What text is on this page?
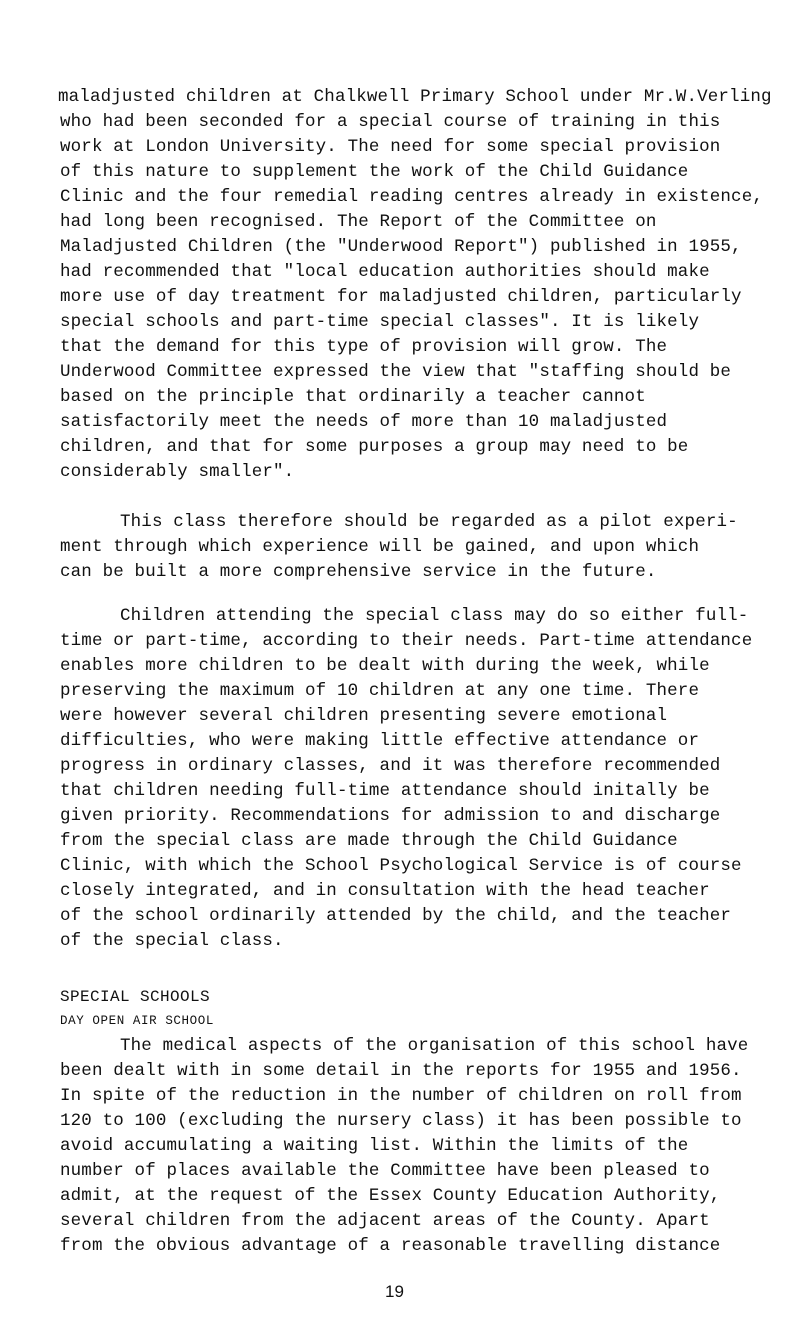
maladjusted children at Chalkwell Primary School under Mr.W.Verling
who had been seconded for a special course of training in this
work at London University. The need for some special provision
of this nature to supplement the work of the Child Guidance
Clinic and the four remedial reading centres already in existence,
had long been recognised. The Report of the Committee on
Maladjusted Children (the "Underwood Report") published in 1955,
had recommended that "local education authorities should make
more use of day treatment for maladjusted children, particularly
special schools and part-time special classes". It is likely
that the demand for this type of provision will grow. The
Underwood Committee expressed the view that "staffing should be
based on the principle that ordinarily a teacher cannot
satisfactorily meet the needs of more than 10 maladjusted
children, and that for some purposes a group may need to be
considerably smaller".
This class therefore should be regarded as a pilot experi-
ment through which experience will be gained, and upon which
can be built a more comprehensive service in the future.
Children attending the special class may do so either full-
time or part-time, according to their needs. Part-time attendance
enables more children to be dealt with during the week, while
preserving the maximum of 10 children at any one time. There
were however several children presenting severe emotional
difficulties, who were making little effective attendance or
progress in ordinary classes, and it was therefore recommended
that children needing full-time attendance should initally be
given priority. Recommendations for admission to and discharge
from the special class are made through the Child Guidance
Clinic, with which the School Psychological Service is of course
closely integrated, and in consultation with the head teacher
of the school ordinarily attended by the child, and the teacher
of the special class.
SPECIAL SCHOOLS
DAY OPEN AIR SCHOOL
The medical aspects of the organisation of this school have
been dealt with in some detail in the reports for 1955 and 1956.
In spite of the reduction in the number of children on roll from
120 to 100 (excluding the nursery class) it has been possible to
avoid accumulating a waiting list. Within the limits of the
number of places available the Committee have been pleased to
admit, at the request of the Essex County Education Authority,
several children from the adjacent areas of the County. Apart
from the obvious advantage of a reasonable travelling distance
19
